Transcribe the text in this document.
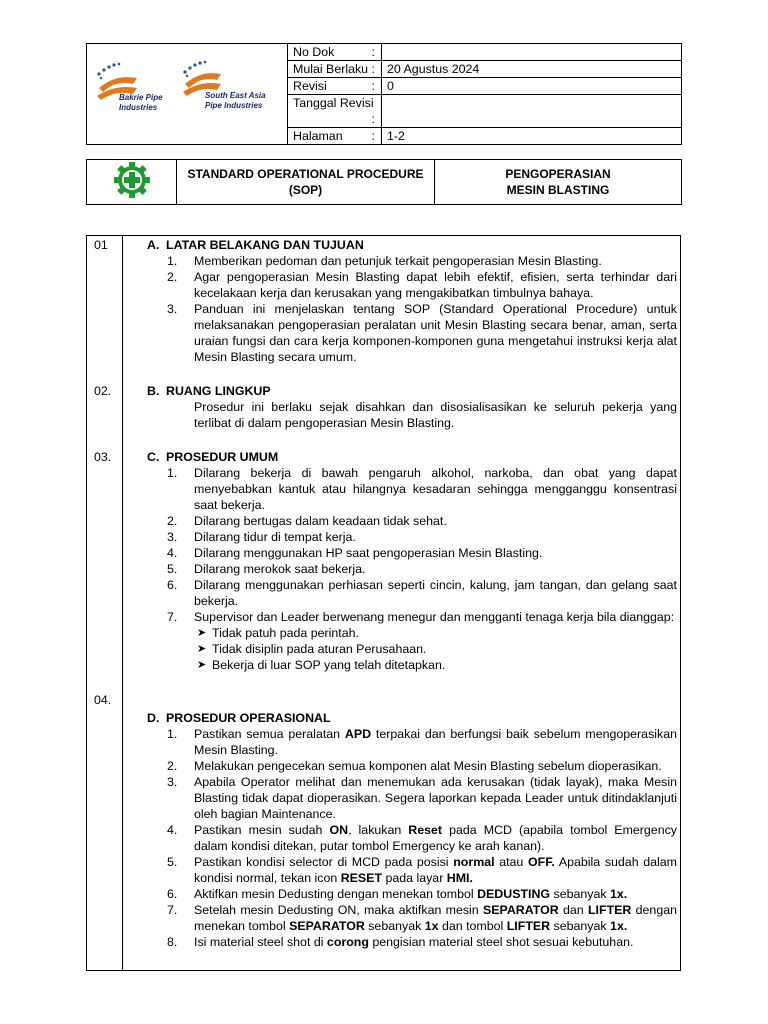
Bakrie Pipe
Industries
South East Asia
Pipe Industries	No Dok :	

	Mulai Berlaku :	20 Agustus 2024
	Revisi :	0
	Tanggal Revisi
:	

	Halaman :	1-2

STANDARD OPERATIONAL PROCEDURE
(SOP)

PENGOPERASIAN
MESIN BLASTING
01	A. LATAR BELAKANG DAN TUJUAN
1. Memberikan pedoman dan petunjuk terkait pengoperasian Mesin Blasting.
2. Agar pengoperasian Mesin Blasting dapat lebih efektif, efisien, serta terhindar dari kecelakaan kerja dan kerusakan yang mengakibatkan timbulnya bahaya.
3. Panduan ini menjelaskan tentang SOP (Standard Operational Procedure) untuk melaksanakan pengoperasian peralatan unit Mesin Blasting secara benar, aman, serta uraian fungsi dan cara kerja komponen-komponen guna mengetahui instruksi kerja alat Mesin Blasting secara umum.
02.	B. RUANG LINGKUP
Prosedur ini berlaku sejak disahkan dan disosialisasikan ke seluruh pekerja yang terlibat di dalam pengoperasian Mesin Blasting.
03.	C. PROSEDUR UMUM
1. Dilarang bekerja di bawah pengaruh alkohol, narkoba, dan obat yang dapat menyebabkan kantuk atau hilangnya kesadaran sehingga mengganggu konsentrasi saat bekerja.
2. Dilarang bertugas dalam keadaan tidak sehat.
3. Dilarang tidur di tempat kerja.
4. Dilarang menggunakan HP saat pengoperasian Mesin Blasting.
5. Dilarang merokok saat bekerja.
6. Dilarang menggunakan perhiasan seperti cincin, kalung, jam tangan, dan gelang saat bekerja.
7. Supervisor dan Leader berwenang menegur dan mengganti tenaga kerja bila dianggap:
➤ Tidak patuh pada perintah.
➤ Tidak disiplin pada aturan Perusahaan.
➤ Bekerja di luar SOP yang telah ditetapkan.
04.
D. PROSEDUR OPERASIONAL
1. Pastikan semua peralatan APD terpakai dan berfungsi baik sebelum mengoperasikan Mesin Blasting.
2. Melakukan pengecekan semua komponen alat Mesin Blasting sebelum dioperasikan.
3. Apabila Operator melihat dan menemukan ada kerusakan (tidak layak), maka Mesin Blasting tidak dapat dioperasikan. Segera laporkan kepada Leader untuk ditindaklanjuti oleh bagian Maintenance.
4. Pastikan mesin sudah ON, lakukan Reset pada MCD (apabila tombol Emergency dalam kondisi ditekan, putar tombol Emergency ke arah kanan).
5. Pastikan kondisi selector di MCD pada posisi normal atau OFF. Apabila sudah dalam kondisi normal, tekan icon RESET pada layar HMI.
6. Aktifkan mesin Dedusting dengan menekan tombol DEDUSTING sebanyak 1x.
7. Setelah mesin Dedusting ON, maka aktifkan mesin SEPARATOR dan LIFTER dengan menekan tombol SEPARATOR sebanyak 1x dan tombol LIFTER sebanyak 1x.
8. Isi material steel shot di corong pengisian material steel shot sesuai kebutuhan.
